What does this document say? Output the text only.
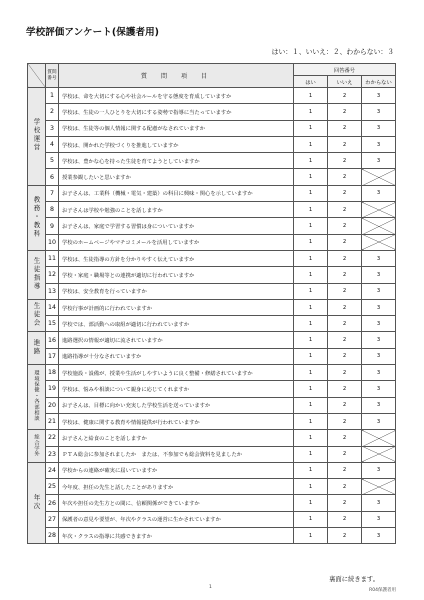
学校評価アンケート(保護者用)
はい：１、いいえ：２、わからない：３
	質問番号	質　問　項　目	回答番号		
			はい	いいえ	わからない
学校運営	1	学校は、命を大切にする心や社会ルールを守る態度を育成していますか	1	2	3
	2	学校は、生徒の一人ひとりを大切にする姿勢で指導に当たっていますか	1	2	3
	3	学校は、生徒等の個人情報に関する配慮がなされていますか	1	2	3
	4	学校は、開かれた学校づくりを推進していますか	1	2	3
	5	学校は、豊かな心を持った生徒を育てようとしていますか	1	2	3
	6	授業参観したいと思いますか	1	2	
教務・教科	7	お子さんは、工業科（機械・電気・建築）の科目に興味・関心を示していますか	1	2	3
	8	お子さんは学校や勉強のことを話しますか	1	2	
	9	お子さんは、家庭で学習する習慣は身についていますか	1	2	
	10	学校のホームページやマチコミメールを活用していますか	1	2	
生徒指導	11	学校は、生徒指導の方針を分かりやすく伝えていますか	1	2	3
	12	学校・家庭・職場等との連携が適切に行われていますか	1	2	3
	13	学校は、安全教育を行っていますか	1	2	3
生徒会	14	学校行事が計画的に行われていますか	1	2	3
	15	学校では、部活動への取組が適切に行われていますか	1	2	3
進路	16	進路選択の情報が適切に流されていますか	1	2	3
	17	進路指導が十分なされていますか	1	2	3
環境保健・各部相談	18	学校施設・設備が、授業や生活がしやすいように良く整備・修繕されていますか	1	2	3
	19	学校は、悩みや相談について親身に応じてくれますか	1	2	3
	20	お子さんは、目標に向かい充実した学校生活を送っていますか	1	2	3
	21	学校は、健康に関する教育や情報提供が行われていますか	1	2	3
総合学外	22	お子さんと給食のことを話しますか	1	2	
	23	ＰＴＡ総会に参加されましたか　または、不参加でも総会資料を見ましたか	1	2	
年次	24	学校からの連絡が確実に届いていますか	1	2	3
	25	今年度、担任の先生と話したことがありますか	1	2	
	26	年次や担任の先生方との間に、信頼関係ができていますか	1	2	3
	27	保護者の意見や要望が、年次やクラスの運営に生かされていますか	1	2	3
	28	年次・クラスの指導に共感できますか	1	2	3
裏面に続きます。
1
R04保護者用
